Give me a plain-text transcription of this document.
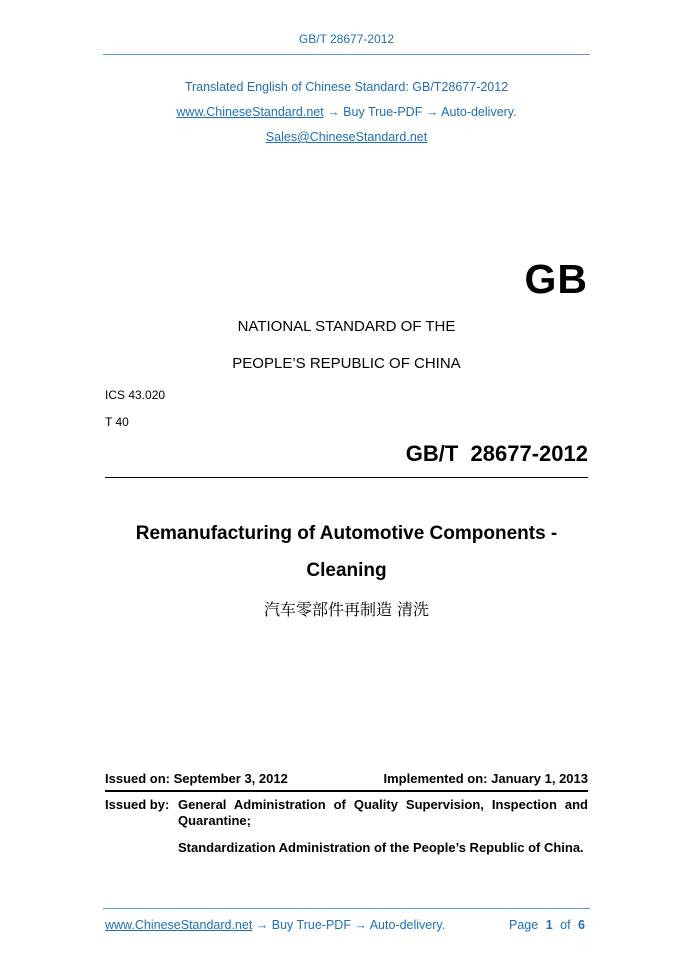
GB/T 28677-2012
Translated English of Chinese Standard: GB/T28677-2012
www.ChineseStandard.net → Buy True-PDF → Auto-delivery.
Sales@ChineseStandard.net
GB
NATIONAL STANDARD OF THE
PEOPLE’S REPUBLIC OF CHINA
ICS 43.020
T 40
GB/T  28677-2012
Remanufacturing of Automotive Components -
Cleaning
汽车零部件再制造 清洗
Issued on: September 3, 2012	Implemented on: January 1, 2013
Issued by: General Administration of Quality Supervision, Inspection and Quarantine;
Standardization Administration of the People’s Republic of China.
www.ChineseStandard.net → Buy True-PDF → Auto-delivery.	Page 1 of 6
